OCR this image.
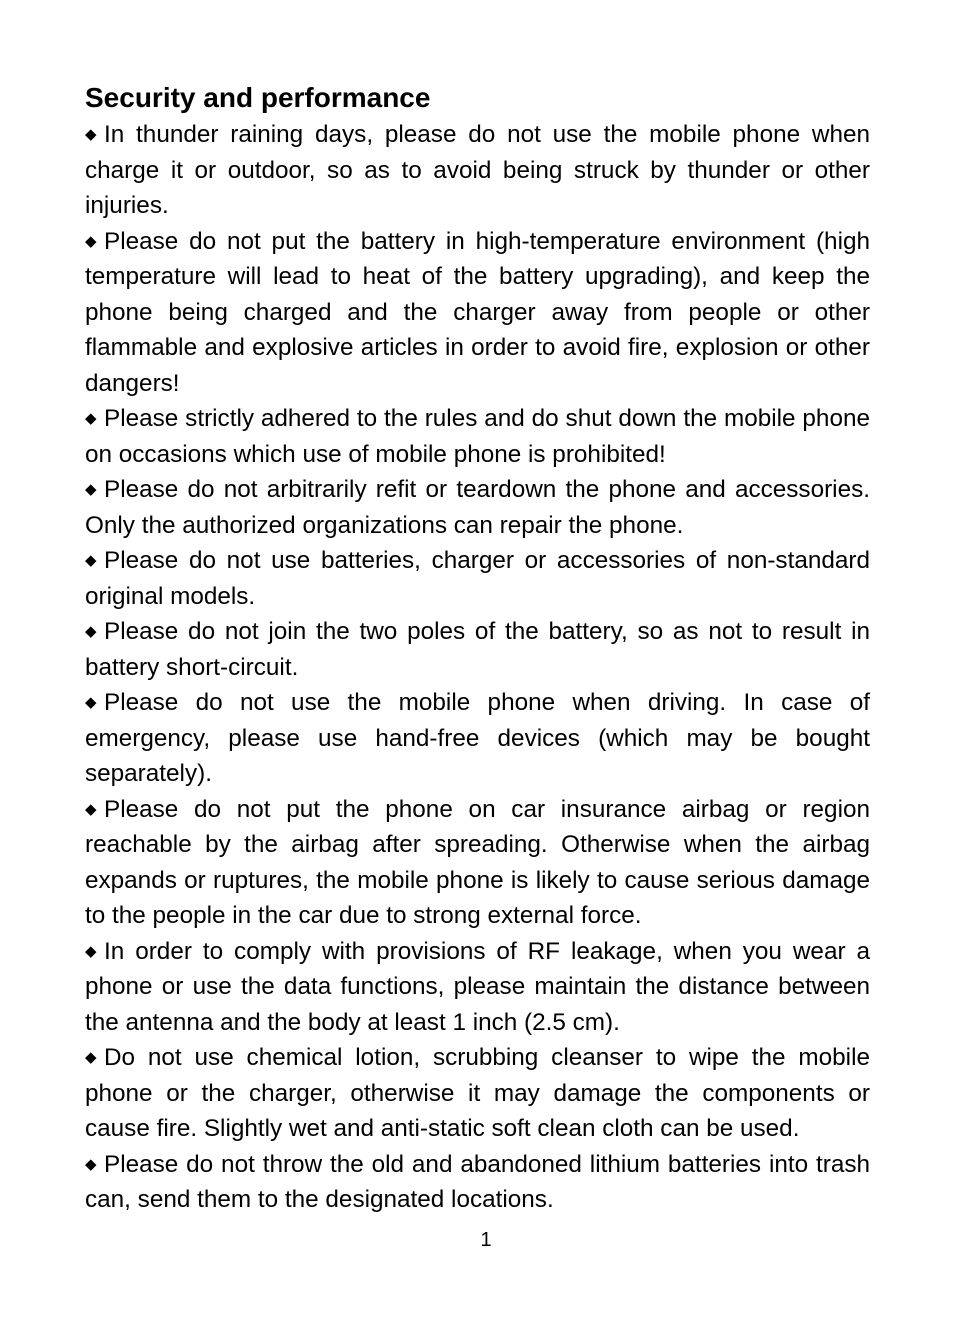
Security and performance
◆ In thunder raining days, please do not use the mobile phone when charge it or outdoor, so as to avoid being struck by thunder or other injuries.
◆ Please do not put the battery in high-temperature environment (high temperature will lead to heat of the battery upgrading), and keep the phone being charged and the charger away from people or other flammable and explosive articles in order to avoid fire, explosion or other dangers!
◆ Please strictly adhered to the rules and do shut down the mobile phone on occasions which use of mobile phone is prohibited!
◆ Please do not arbitrarily refit or teardown the phone and accessories. Only the authorized organizations can repair the phone.
◆ Please do not use batteries, charger or accessories of non-standard original models.
◆ Please do not join the two poles of the battery, so as not to result in battery short-circuit.
◆ Please do not use the mobile phone when driving. In case of emergency, please use hand-free devices (which may be bought separately).
◆ Please do not put the phone on car insurance airbag or region reachable by the airbag after spreading. Otherwise when the airbag expands or ruptures, the mobile phone is likely to cause serious damage to the people in the car due to strong external force.
◆ In order to comply with provisions of RF leakage, when you wear a phone or use the data functions, please maintain the distance between the antenna and the body at least 1 inch (2.5 cm).
◆ Do not use chemical lotion, scrubbing cleanser to wipe the mobile phone or the charger, otherwise it may damage the components or cause fire. Slightly wet and anti-static soft clean cloth can be used.
◆ Please do not throw the old and abandoned lithium batteries into trash can, send them to the designated locations.
1
